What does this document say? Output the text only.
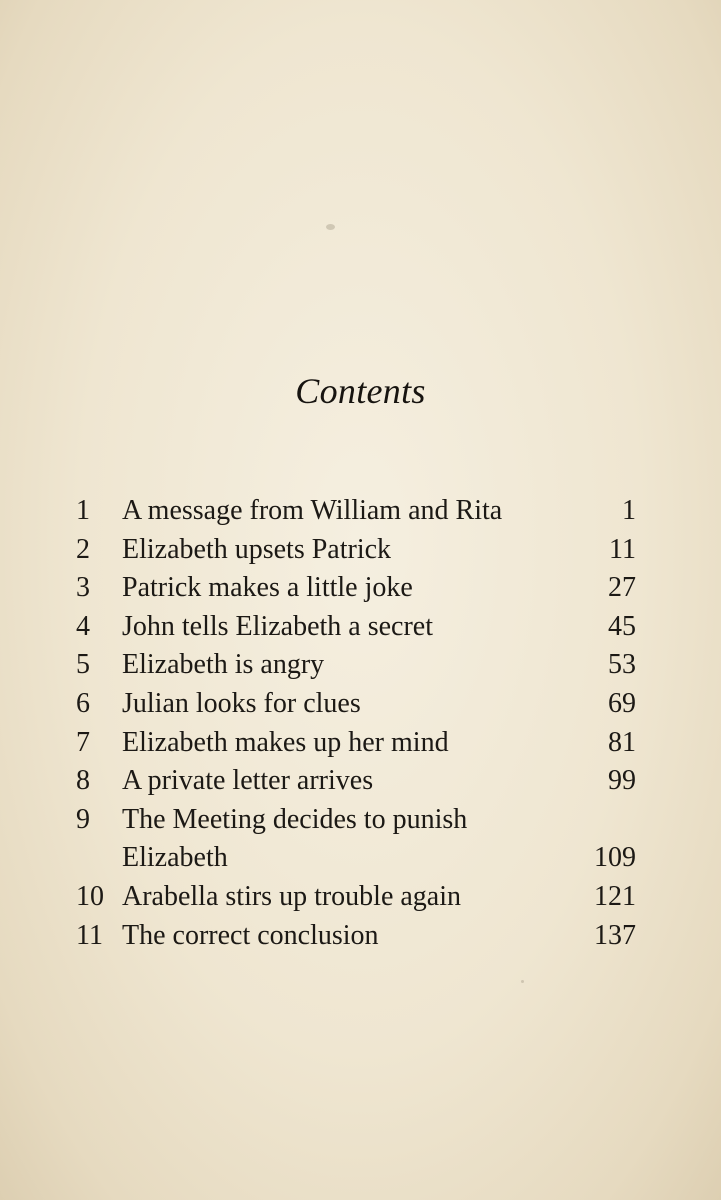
Contents
1	A message from William and Rita	1
2	Elizabeth upsets Patrick	11
3	Patrick makes a little joke	27
4	John tells Elizabeth a secret	45
5	Elizabeth is angry	53
6	Julian looks for clues	69
7	Elizabeth makes up her mind	81
8	A private letter arrives	99
9	The Meeting decides to punish
Elizabeth	109
10 Arabella stirs up trouble again	121
11 The correct conclusion	137
